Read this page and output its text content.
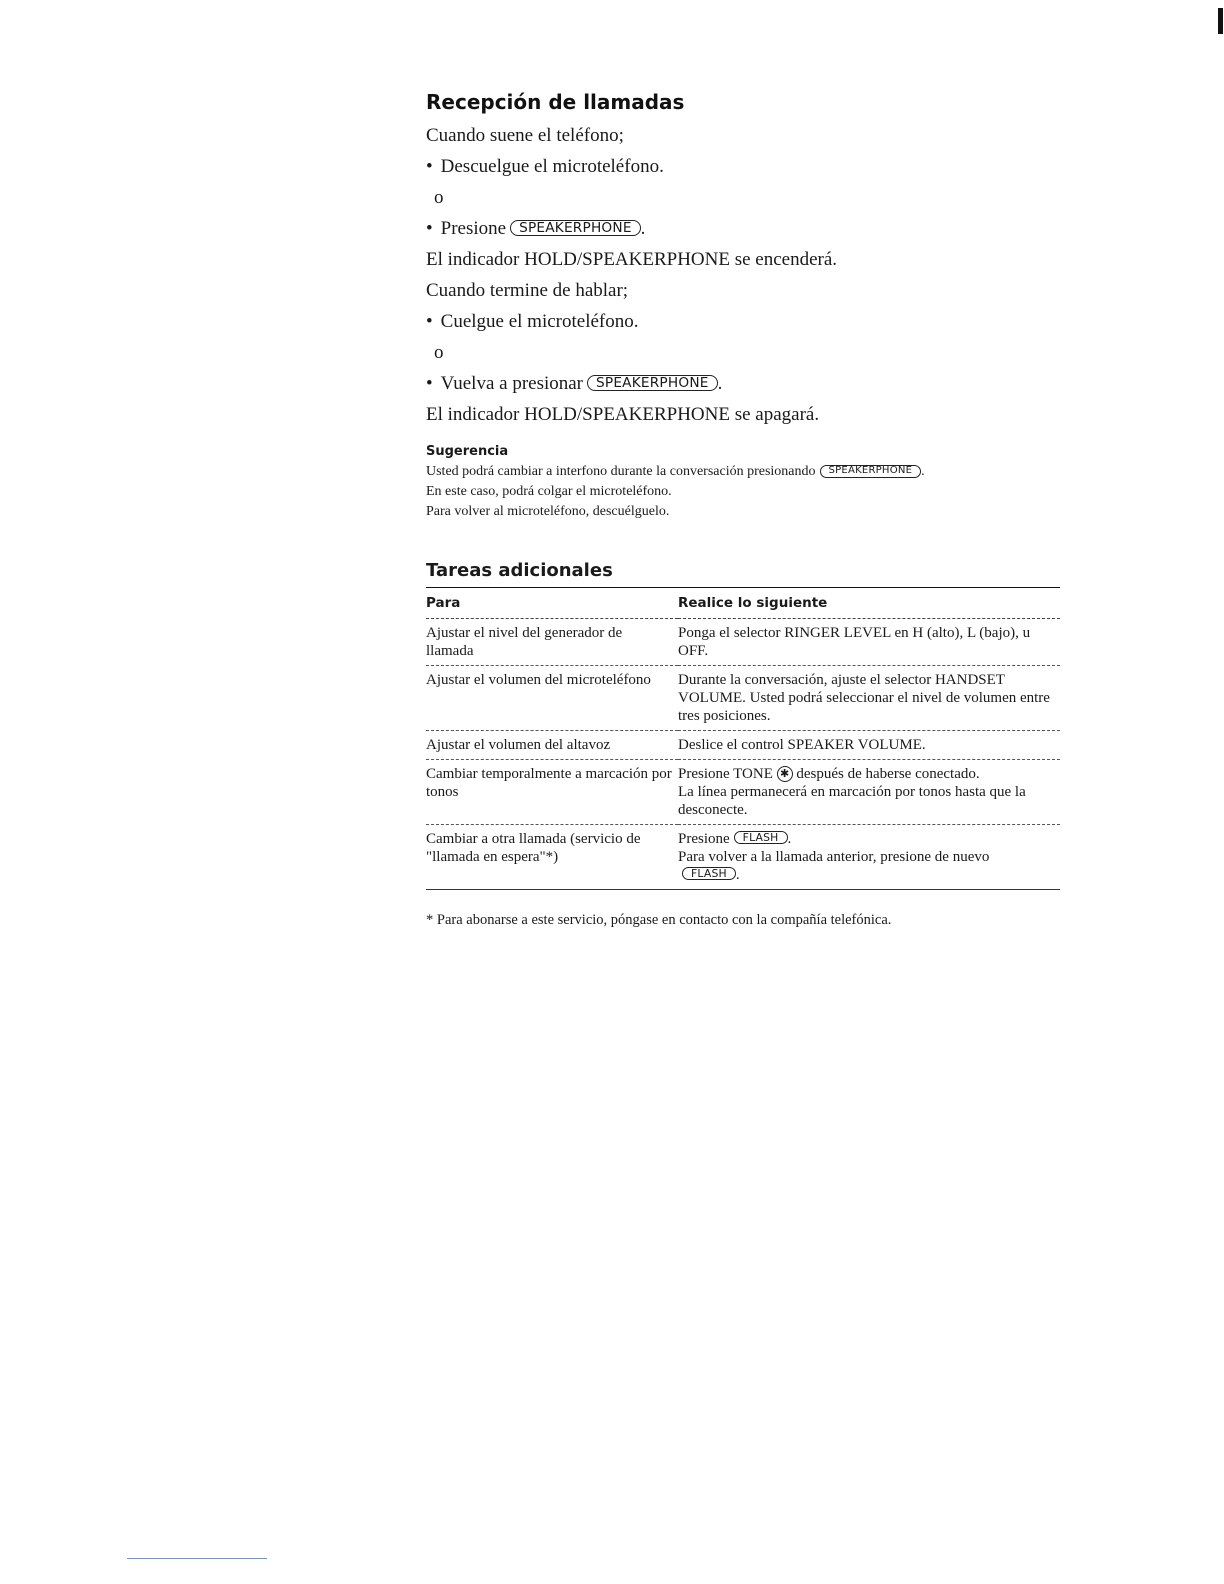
Recepción de llamadas

Cuando suene el teléfono;

• Descuelgue el microteléfono.

o

• Presione SPEAKERPHONE .

El indicador HOLD/SPEAKERPHONE se encenderá.

Cuando termine de hablar;

• Cuelgue el microteléfono.

o

• Vuelva a presionar SPEAKERPHONE .

El indicador HOLD/SPEAKERPHONE se apagará.

Sugerencia

Usted podrá cambiar a interfono durante la conversación presionando SPEAKERPHONE .

En este caso, podrá colgar el microteléfono.

Para volver al microteléfono, descuélguelo.

Tareas adicionales
Para	Realice lo siguiente
Ajustar el nivel del generador de llamada	Ponga el selector RINGER LEVEL en H (alto), L (bajo), u OFF.
Ajustar el volumen del microteléfono	Durante la conversación, ajuste el selector HANDSET VOLUME. Usted podrá seleccionar el nivel de volumen entre tres posiciones.
Ajustar el volumen del altavoz	Deslice el control SPEAKER VOLUME.
Cambiar temporalmente a marcación por tonos	Presione TONE ✱ después de haberse conectado.
La línea permanecerá en marcación por tonos hasta que la desconecte.

Cambiar a otra llamada (servicio de "llamada en espera"*)	Presione FLASH .
Para volver a la llamada anterior, presione de nuevo
FLASH .

* Para abonarse a este servicio, póngase en contacto con la compañía telefónica.
